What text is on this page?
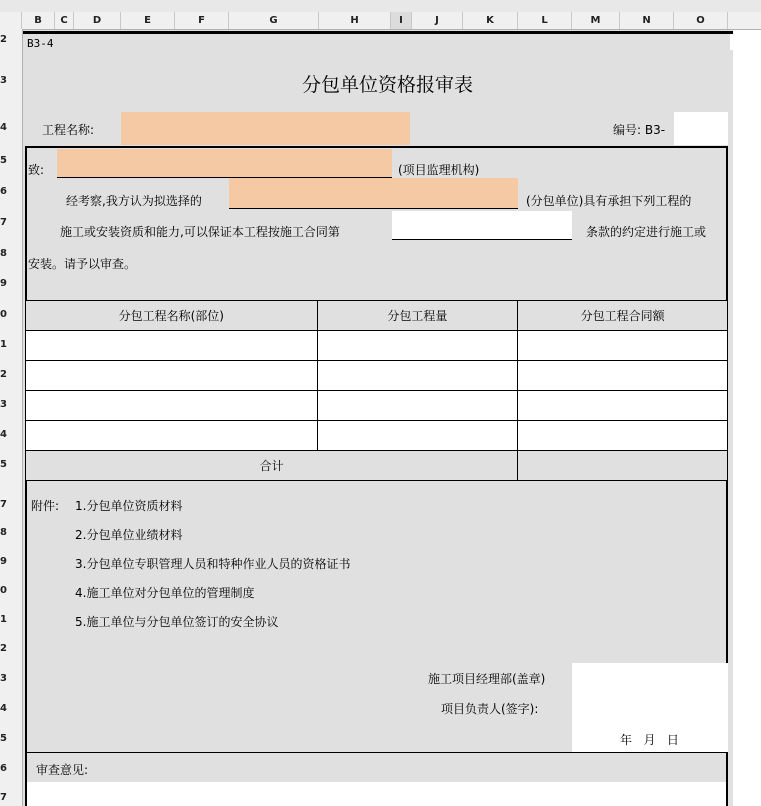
B	C	D	E	F	G	H	I	J	K	L	M	N	O
2
3
4
5
6
7
8
9
0
1
2
3
4
5
7
8
9
0
1
2
3
4
5
6
7
B3-4
分包单位资格报审表
工程名称:	编号: B3-
致:	(项目监理机构)
经考察,我方认为拟选择的	(分包单位)具有承担下列工程的
施工或安装资质和能力,可以保证本工程按施工合同第	条款的约定进行施工或
安装。请予以审查。
分包工程名称(部位)	分包工程量	分包工程合同额

合计		
附件: 1.分包单位资质材料
2.分包单位业绩材料
3.分包单位专职管理人员和特种作业人员的资格证书
4.施工单位对分包单位的管理制度
5.施工单位与分包单位签订的安全协议
施工项目经理部(盖章)
项目负责人(签字):
年   月   日
审查意见:
